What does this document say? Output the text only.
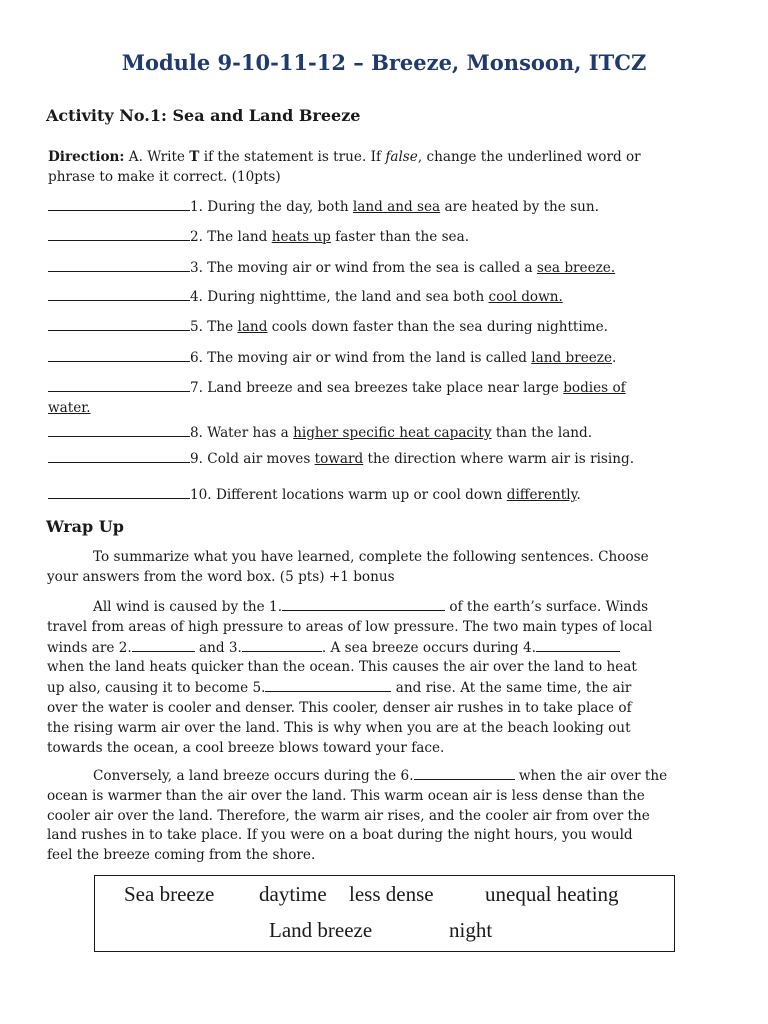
Module 9-10-11-12 – Breeze, Monsoon, ITCZ
Activity No.1: Sea and Land Breeze
Direction: A. Write T if the statement is true. If false, change the underlined word or
phrase to make it correct. (10pts)
1. During the day, both land and sea are heated by the sun.
2. The land heats up faster than the sea.
3. The moving air or wind from the sea is called a sea breeze.
4. During nighttime, the land and sea both cool down.
5. The land cools down faster than the sea during nighttime.
6. The moving air or wind from the land is called land breeze.
7. Land breeze and sea breezes take place near large bodies of
water.
8. Water has a higher specific heat capacity than the land.
9. Cold air moves toward the direction where warm air is rising.
10. Different locations warm up or cool down differently.
Wrap Up
To summarize what you have learned, complete the following sentences. Choose
your answers from the word box. (5 pts) +1 bonus
All wind is caused by the 1.	of the earth’s surface. Winds
travel from areas of high pressure to areas of low pressure. The two main types of local
winds are 2.	and 3.	. A sea breeze occurs during 4.
when the land heats quicker than the ocean. This causes the air over the land to heat
up also, causing it to become 5.	and rise. At the same time, the air
over the water is cooler and denser. This cooler, denser air rushes in to take place of
the rising warm air over the land. This is why when you are at the beach looking out
towards the ocean, a cool breeze blows toward your face.
Conversely, a land breeze occurs during the 6.	when the air over the
ocean is warmer than the air over the land. This warm ocean air is less dense than the
cooler air over the land. Therefore, the warm air rises, and the cooler air from over the
land rushes in to take place. If you were on a boat during the night hours, you would
feel the breeze coming from the shore.
Sea breeze daytime less dense unequal heating
Land breeze	night
